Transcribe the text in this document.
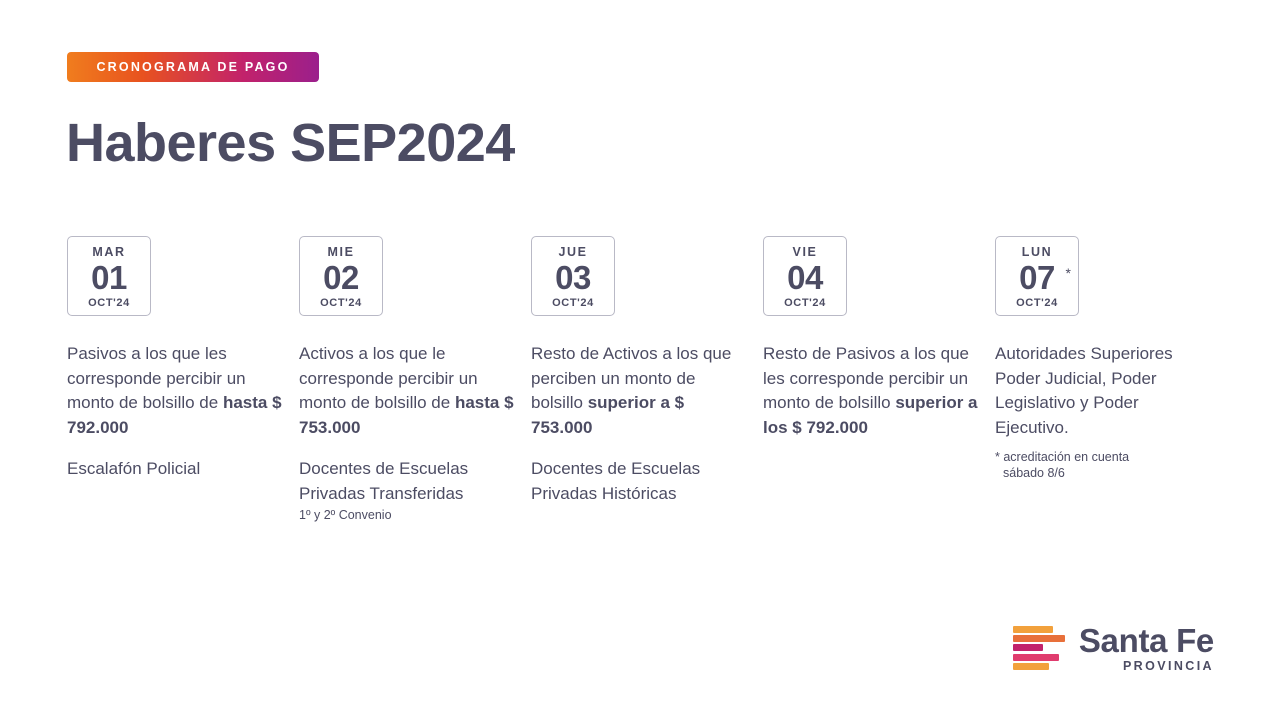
CRONOGRAMA DE PAGO
Haberes SEP2024
MAR
01
OCT'24
Pasivos a los que les corresponde percibir un monto de bolsillo de hasta $ 792.000
Escalafón Policial
MIE
02
OCT'24
Activos a los que le corresponde percibir un monto de bolsillo de hasta $ 753.000
Docentes de Escuelas Privadas Transferidas
1º y 2º Convenio
JUE
03
OCT'24
Resto de Activos a los que perciben un monto de bolsillo superior a $ 753.000
Docentes de Escuelas Privadas Históricas
VIE
04
OCT'24
Resto de Pasivos a los que les corresponde percibir un monto de bolsillo superior a los $ 792.000
LUN
07
OCT'24
*
Autoridades Superiores Poder Judicial, Poder Legislativo y Poder Ejecutivo.
* acreditación en cuenta
sábado 8/6
Santa Fe
PROVINCIA
